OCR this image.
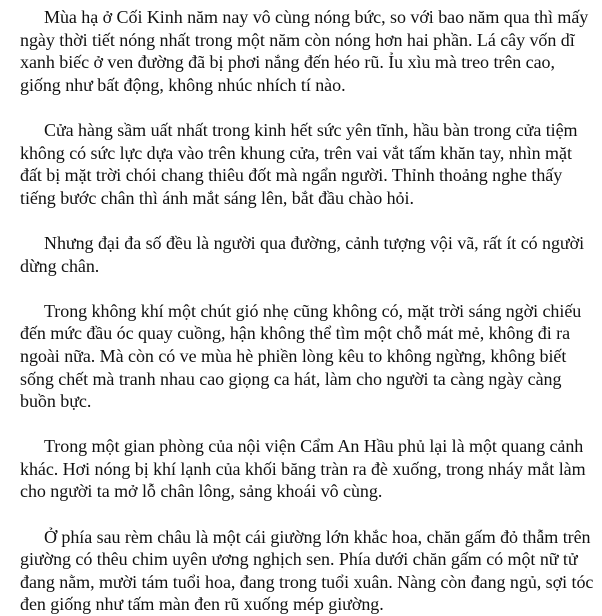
Mùa hạ ở Cối Kinh năm nay vô cùng nóng bức, so với bao năm qua thì mấy ngày thời tiết nóng nhất trong một năm còn nóng hơn hai phần. Lá cây vốn dĩ xanh biếc ở ven đường đã bị phơi nắng đến héo rũ. Ỉu xìu mà treo trên cao, giống như bất động, không nhúc nhích tí nào.

Cửa hàng sầm uất nhất trong kinh hết sức yên tĩnh, hầu bàn trong cửa tiệm không có sức lực dựa vào trên khung cửa, trên vai vắt tấm khăn tay, nhìn mặt đất bị mặt trời chói chang thiêu đốt mà ngẩn người. Thỉnh thoảng nghe thấy tiếng bước chân thì ánh mắt sáng lên, bắt đầu chào hỏi.

Nhưng đại đa số đều là người qua đường, cảnh tượng vội vã, rất ít có người dừng chân.

Trong không khí một chút gió nhẹ cũng không có, mặt trời sáng ngời chiếu đến mức đầu óc quay cuồng, hận không thể tìm một chỗ mát mẻ, không đi ra ngoài nữa. Mà còn có ve mùa hè phiền lòng kêu to không ngừng, không biết sống chết mà tranh nhau cao giọng ca hát, làm cho người ta càng ngày càng buồn bực.

Trong một gian phòng của nội viện Cẩm An Hầu phủ lại là một quang cảnh khác. Hơi nóng bị khí lạnh của khối băng tràn ra đè xuống, trong nháy mắt làm cho người ta mở lỗ chân lông, sảng khoái vô cùng.

Ở phía sau rèm châu là một cái giường lớn khắc hoa, chăn gấm đỏ thẫm trên giường có thêu chim uyên ương nghịch sen. Phía dưới chăn gấm có một nữ tử đang nằm, mười tám tuổi hoa, đang trong tuổi xuân. Nàng còn đang ngủ, sợi tóc đen giống như tấm màn đen rũ xuống mép giường.
